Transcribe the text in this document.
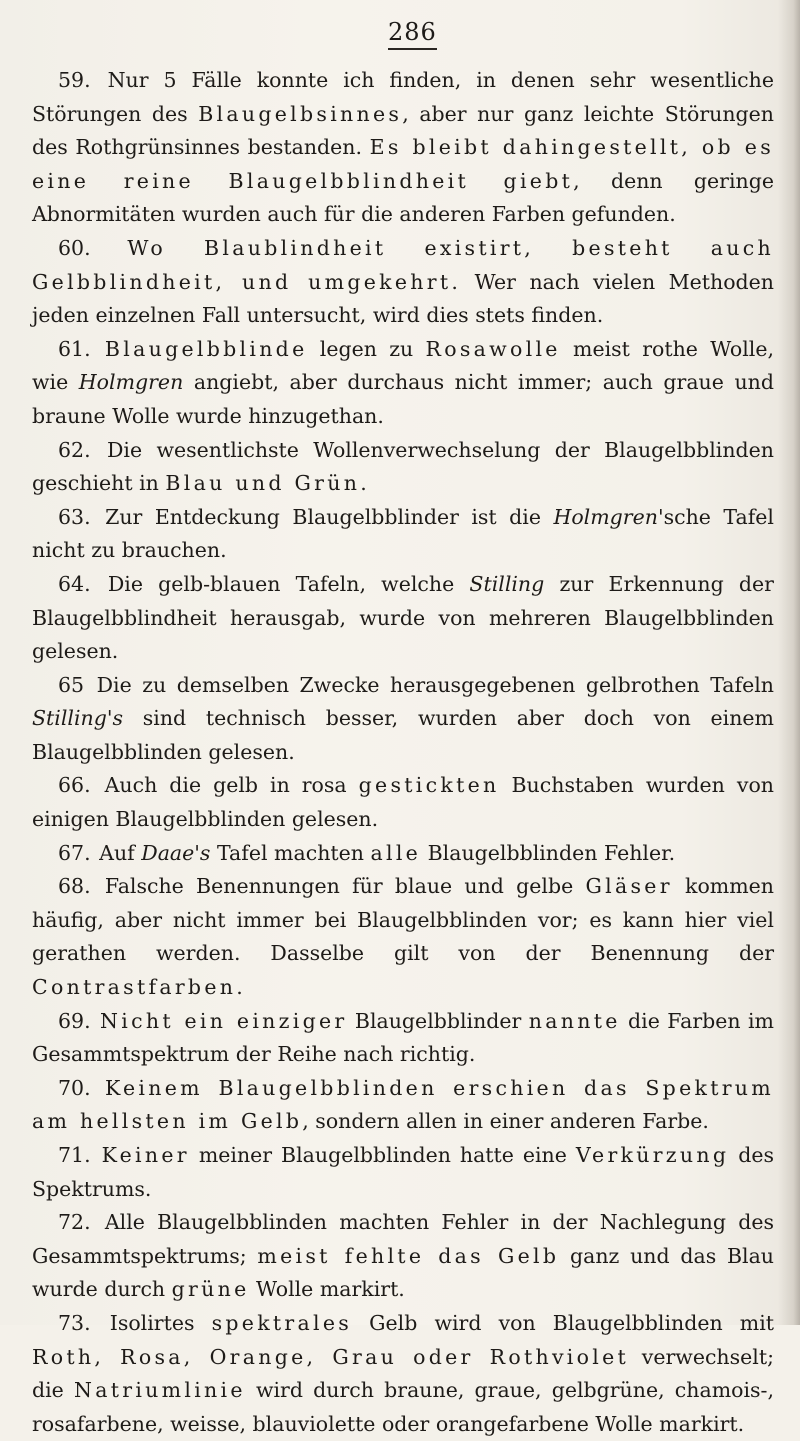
286

59. Nur 5 Fälle konnte ich finden, in denen sehr wesentliche Störungen des Blaugelbsinnes, aber nur ganz leichte Störungen des Rothgrünsinnes bestanden. Es bleibt dahingestellt, ob es eine reine Blaugelbblindheit giebt, denn geringe Abnormitäten wurden auch für die anderen Farben gefunden.

60. Wo Blaublindheit existirt, besteht auch Gelbblindheit, und umgekehrt. Wer nach vielen Methoden jeden einzelnen Fall untersucht, wird dies stets finden.

61. Blaugelbblinde legen zu Rosawolle meist rothe Wolle, wie Holmgren angiebt, aber durchaus nicht immer; auch graue und braune Wolle wurde hinzugethan.

62. Die wesentlichste Wollenverwechselung der Blaugelbblinden geschieht in Blau und Grün.

63. Zur Entdeckung Blaugelbblinder ist die Holmgren'sche Tafel nicht zu brauchen.

64. Die gelb-blauen Tafeln, welche Stilling zur Erkennung der Blaugelbblindheit herausgab, wurde von mehreren Blaugelbblinden gelesen.

65 Die zu demselben Zwecke herausgegebenen gelbrothen Tafeln Stilling's sind technisch besser, wurden aber doch von einem Blaugelbblinden gelesen.

66. Auch die gelb in rosa gestickten Buchstaben wurden von einigen Blaugelbblinden gelesen.

67. Auf Daae's Tafel machten alle Blaugelbblinden Fehler.

68. Falsche Benennungen für blaue und gelbe Gläser kommen häufig, aber nicht immer bei Blaugelbblinden vor; es kann hier viel gerathen werden. Dasselbe gilt von der Benennung der Contrastfarben.

69. Nicht ein einziger Blaugelbblinder nannte die Farben im Gesammtspektrum der Reihe nach richtig.

70. Keinem Blaugelbblinden erschien das Spektrum am hellsten im Gelb, sondern allen in einer anderen Farbe.

71. Keiner meiner Blaugelbblinden hatte eine Verkürzung des Spektrums.

72. Alle Blaugelbblinden machten Fehler in der Nachlegung des Gesammtspektrums; meist fehlte das Gelb ganz und das Blau wurde durch grüne Wolle markirt.

73. Isolirtes spektrales Gelb wird von Blaugelbblinden mit Roth, Rosa, Orange, Grau oder Rothviolet verwechselt; die Natriumlinie wird durch braune, graue, gelbgrüne, chamois-, rosafarbene, weisse, blauviolette oder orangefarbene Wolle markirt.
